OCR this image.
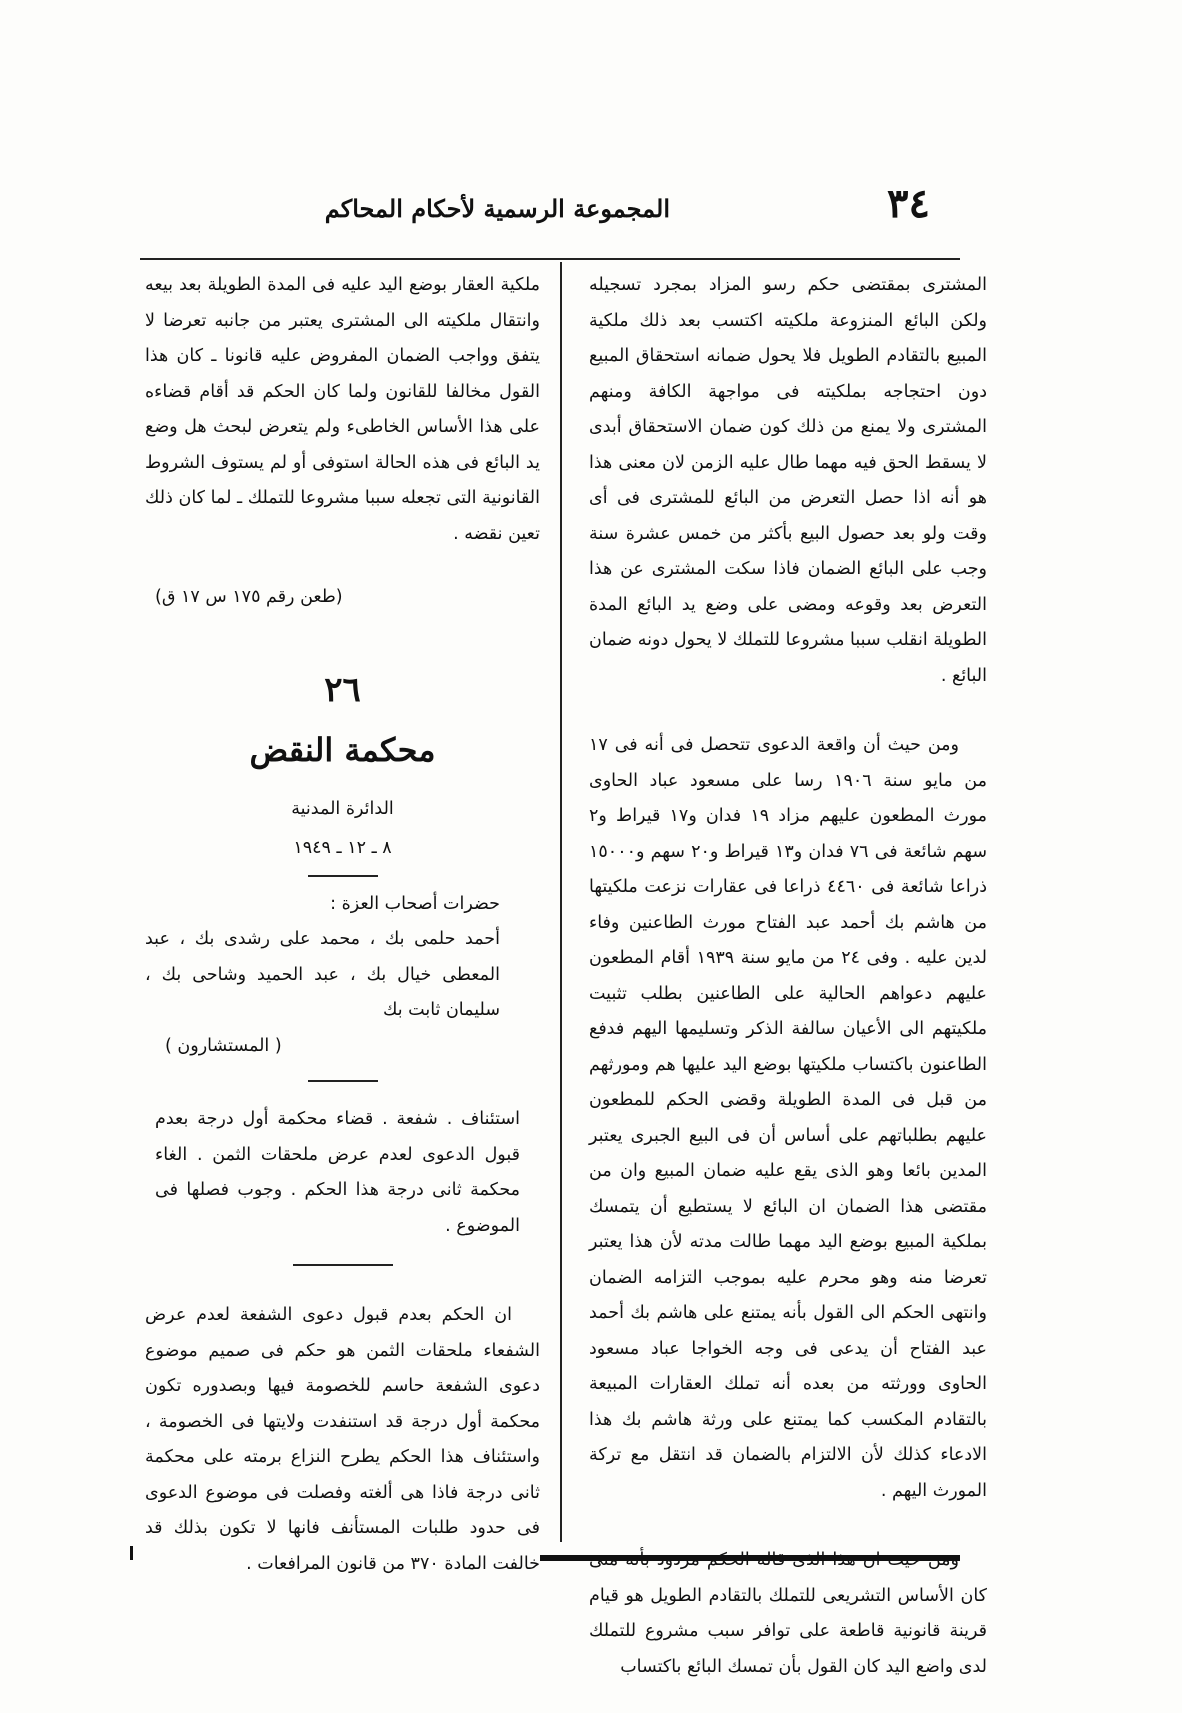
٣٤
المجموعة الرسمية لأحكام المحاكم

المشترى بمقتضى حكم رسو المزاد بمجرد تسجيله ولكن البائع المنزوعة ملكيته اكتسب بعد ذلك ملكية المبيع بالتقادم الطويل فلا يحول ضمانه استحقاق المبيع دون احتجاجه بملكيته فى مواجهة الكافة ومنهم المشترى ولا يمنع من ذلك كون ضمان الاستحقاق أبدى لا يسقط الحق فيه مهما طال عليه الزمن لان معنى هذا هو أنه اذا حصل التعرض من البائع للمشترى فى أى وقت ولو بعد حصول البيع بأكثر من خمس عشرة سنة وجب على البائع الضمان فاذا سكت المشترى عن هذا التعرض بعد وقوعه ومضى على وضع يد البائع المدة الطويلة انقلب سببا مشروعا للتملك لا يحول دونه ضمان البائع .

ومن حيث أن واقعة الدعوى تتحصل فى أنه فى ١٧ من مايو سنة ١٩٠٦ رسا على مسعود عباد الحاوى مورث المطعون عليهم مزاد ١٩ فدان و١٧ قيراط و٢ سهم شائعة فى ٧٦ فدان و١٣ قيراط و٢٠ سهم و١٥٠٠٠ ذراعا شائعة فى ٤٤٦٠ ذراعا فى عقارات نزعت ملكيتها من هاشم بك أحمد عبد الفتاح مورث الطاعنين وفاء لدين عليه . وفى ٢٤ من مايو سنة ١٩٣٩ أقام المطعون عليهم دعواهم الحالية على الطاعنين بطلب تثبيت ملكيتهم الى الأعيان سالفة الذكر وتسليمها اليهم فدفع الطاعنون باكتساب ملكيتها بوضع اليد عليها هم ومورثهم من قبل فى المدة الطويلة وقضى الحكم للمطعون عليهم بطلباتهم على أساس أن فى البيع الجبرى يعتبر المدين بائعا وهو الذى يقع عليه ضمان المبيع وان من مقتضى هذا الضمان ان البائع لا يستطيع أن يتمسك بملكية المبيع بوضع اليد مهما طالت مدته لأن هذا يعتبر تعرضا منه وهو محرم عليه بموجب التزامه الضمان وانتهى الحكم الى القول بأنه يمتنع على هاشم بك أحمد عبد الفتاح أن يدعى فى وجه الخواجا عباد مسعود الحاوى وورثته من بعده أنه تملك العقارات المبيعة بالتقادم المكسب كما يمتنع على ورثة هاشم بك هذا الادعاء كذلك لأن الالتزام بالضمان قد انتقل مع تركة المورث اليهم .

كان الأساس التشريعى للتملك بالتقادم الطويل هو قيام قرينة قانونية قاطعة على توافر سبب مشروع للتملك لدى واضع اليد كان القول بأن تمسك البائع باكتساب

ملكية العقار بوضع اليد عليه فى المدة الطويلة بعد بيعه وانتقال ملكيته الى المشترى يعتبر من جانبه تعرضا لا يتفق وواجب الضمان المفروض عليه قانونا ـ كان هذا القول مخالفا للقانون ولما كان الحكم قد أقام قضاءه على هذا الأساس الخاطىء ولم يتعرض لبحث هل وضع يد البائع فى هذه الحالة استوفى أو لم يستوف الشروط القانونية التى تجعله سببا مشروعا للتملك ـ لما كان ذلك تعين نقضه .

(طعن رقم ١٧٥ س ١٧ ق)
٢٦
محكمة النقض
الدائرة المدنية
٨ ـ ١٢ ـ ١٩٤٩
حضرات أصحاب العزة :

أحمد حلمى بك ، محمد على رشدى بك ، عبد المعطى خيال بك ، عبد الحميد وشاحى بك ، سليمان ثابت بك

( المستشارون )

استئناف . شفعة . قضاء محكمة أول درجة بعدم قبول الدعوى لعدم عرض ملحقات الثمن . الغاء محكمة ثانى درجة هذا الحكم . وجوب فصلها فى الموضوع .

ان الحكم بعدم قبول دعوى الشفعة لعدم عرض الشفعاء ملحقات الثمن هو حكم فى صميم موضوع دعوى الشفعة حاسم للخصومة فيها وبصدوره تكون محكمة أول درجة قد استنفدت ولايتها فى الخصومة ، واستئناف هذا الحكم يطرح النزاع برمته على محكمة ثانى درجة فاذا هى ألغته وفصلت فى موضوع الدعوى فى حدود طلبات المستأنف فانها لا تكون بذلك قد خالفت المادة ٣٧٠ من قانون المرافعات .
